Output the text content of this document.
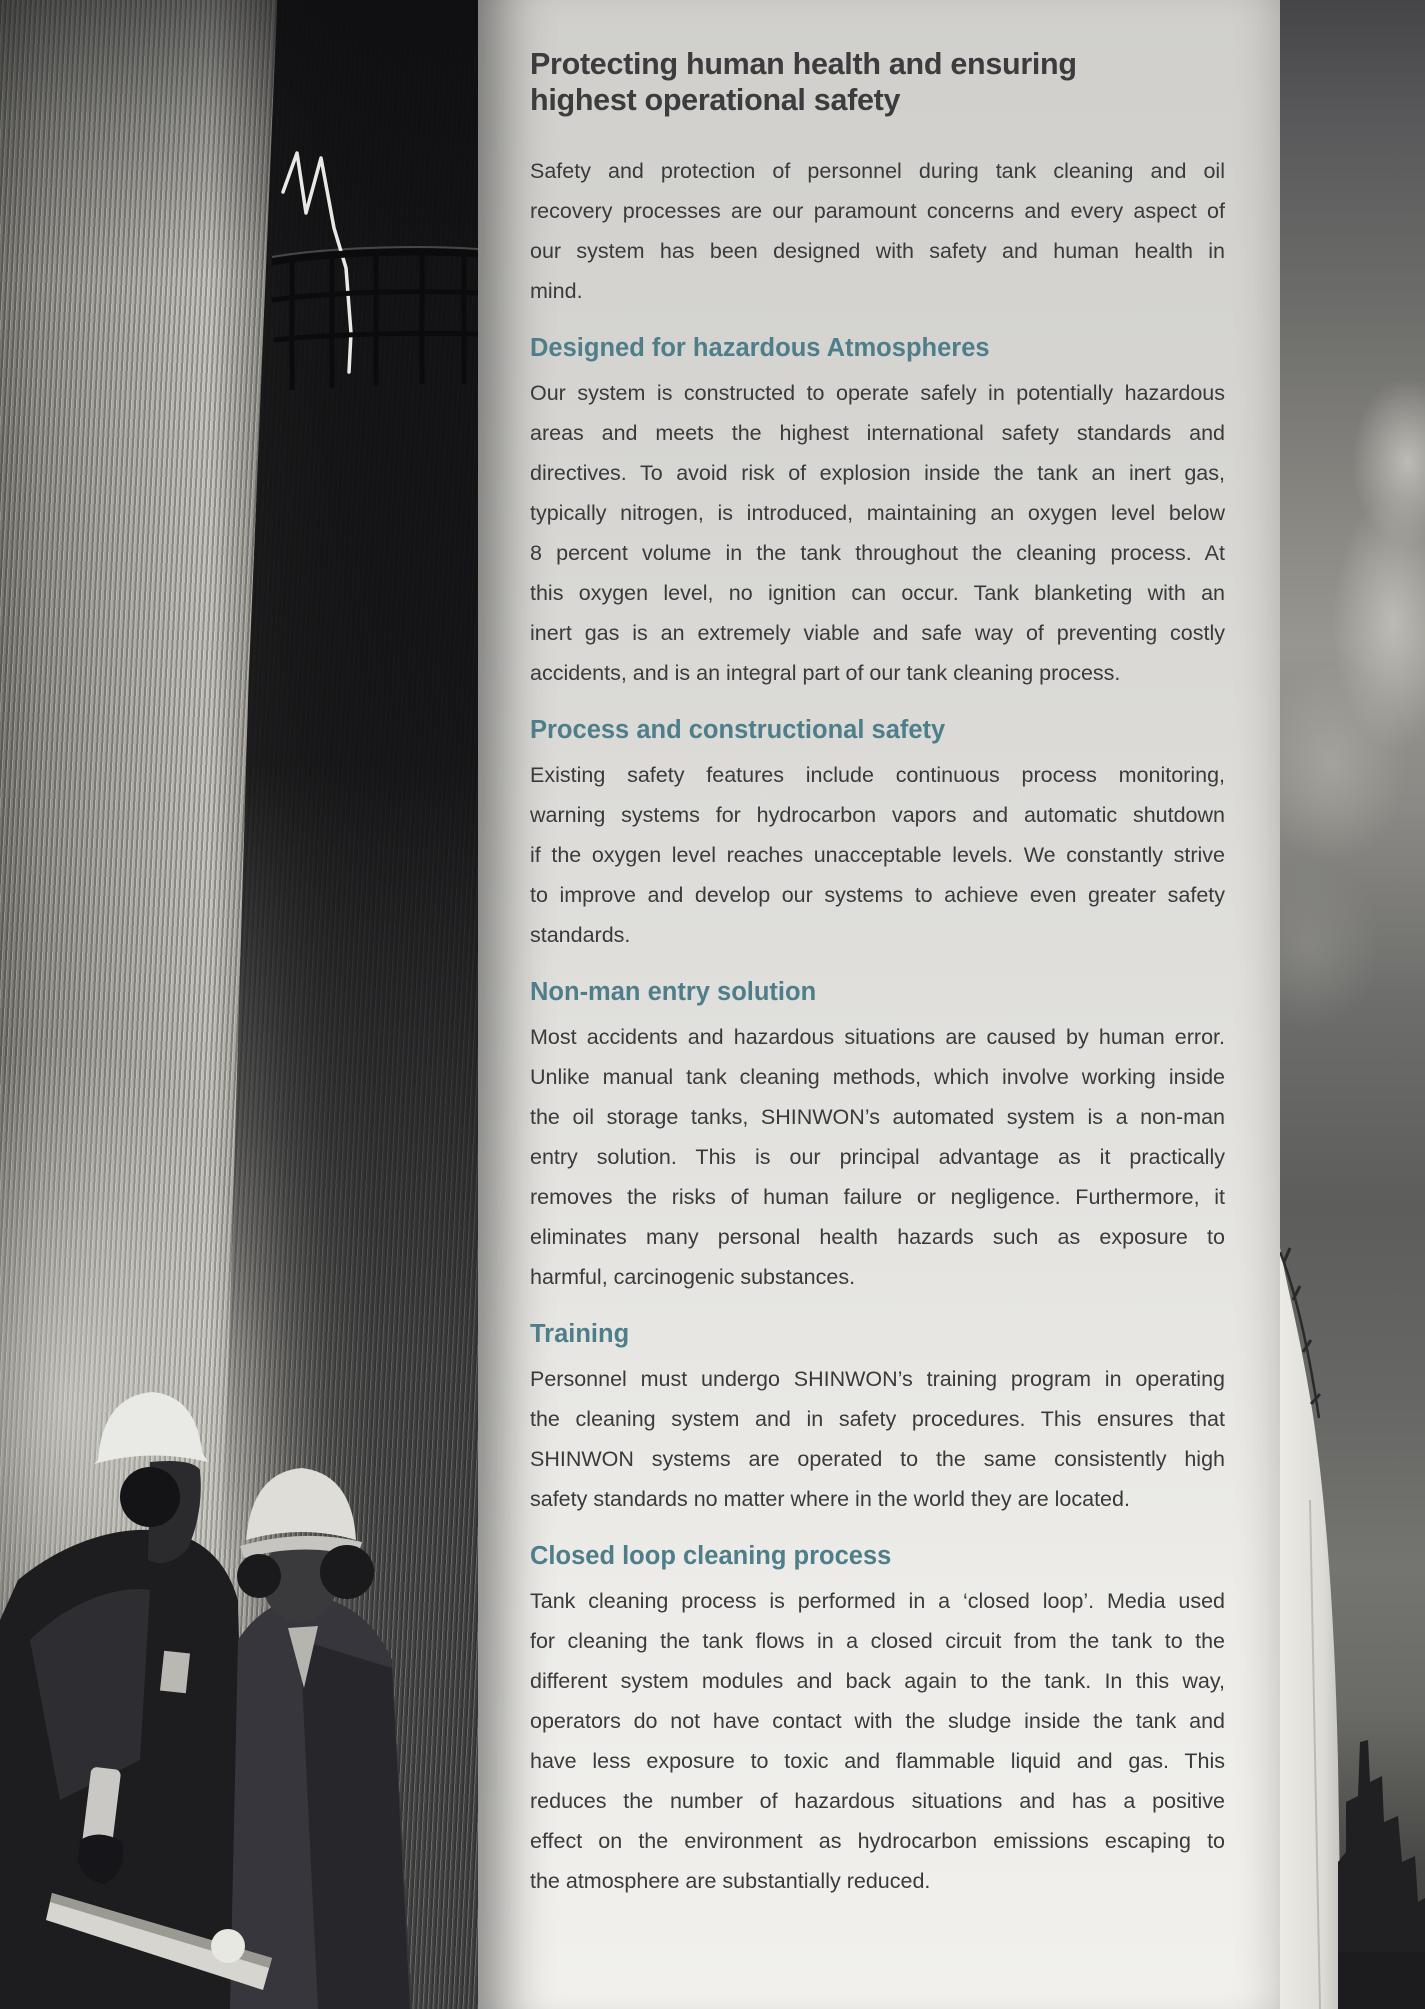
Protecting human health and ensuring
highest operational safety
Safety and protection of personnel during tank cleaning and oil
recovery processes are our paramount concerns and every aspect of
our system has been designed with safety and human health in
mind.
Designed for hazardous Atmospheres
Our system is constructed to operate safely in potentially hazardous
areas and meets the highest international safety standards and
directives. To avoid risk of explosion inside the tank an inert gas,
typically nitrogen, is introduced, maintaining an oxygen level below
8 percent volume in the tank throughout the cleaning process. At
this oxygen level, no ignition can occur. Tank blanketing with an
inert gas is an extremely viable and safe way of preventing costly
accidents, and is an integral part of our tank cleaning process.
Process and constructional safety
Existing safety features include continuous process monitoring,
warning systems for hydrocarbon vapors and automatic shutdown
if the oxygen level reaches unacceptable levels. We constantly strive
to improve and develop our systems to achieve even greater safety
standards.
Non-man entry solution
Most accidents and hazardous situations are caused by human error.
Unlike manual tank cleaning methods, which involve working inside
the oil storage tanks, SHINWON’s automated system is a non-man
entry solution. This is our principal advantage as it practically
removes the risks of human failure or negligence. Furthermore, it
eliminates many personal health hazards such as exposure to
harmful, carcinogenic substances.
Training
Personnel must undergo SHINWON’s training program in operating
the cleaning system and in safety procedures. This ensures that
SHINWON systems are operated to the same consistently high
safety standards no matter where in the world they are located.
Closed loop cleaning process
Tank cleaning process is performed in a ‘closed loop’. Media used
for cleaning the tank flows in a closed circuit from the tank to the
different system modules and back again to the tank. In this way,
operators do not have contact with the sludge inside the tank and
have less exposure to toxic and flammable liquid and gas. This
reduces the number of hazardous situations and has a positive
effect on the environment as hydrocarbon emissions escaping to
the atmosphere are substantially reduced.
